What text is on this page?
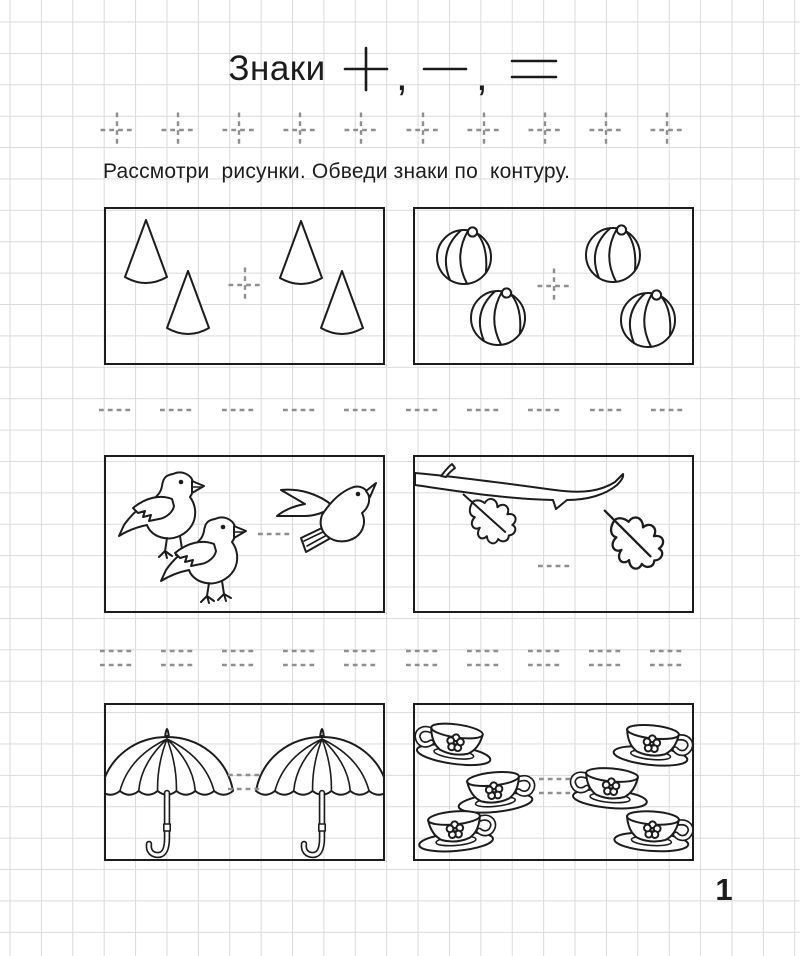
Знаки , ,
Рассмотри  рисунки. Обведи знаки по  контуру.
1
